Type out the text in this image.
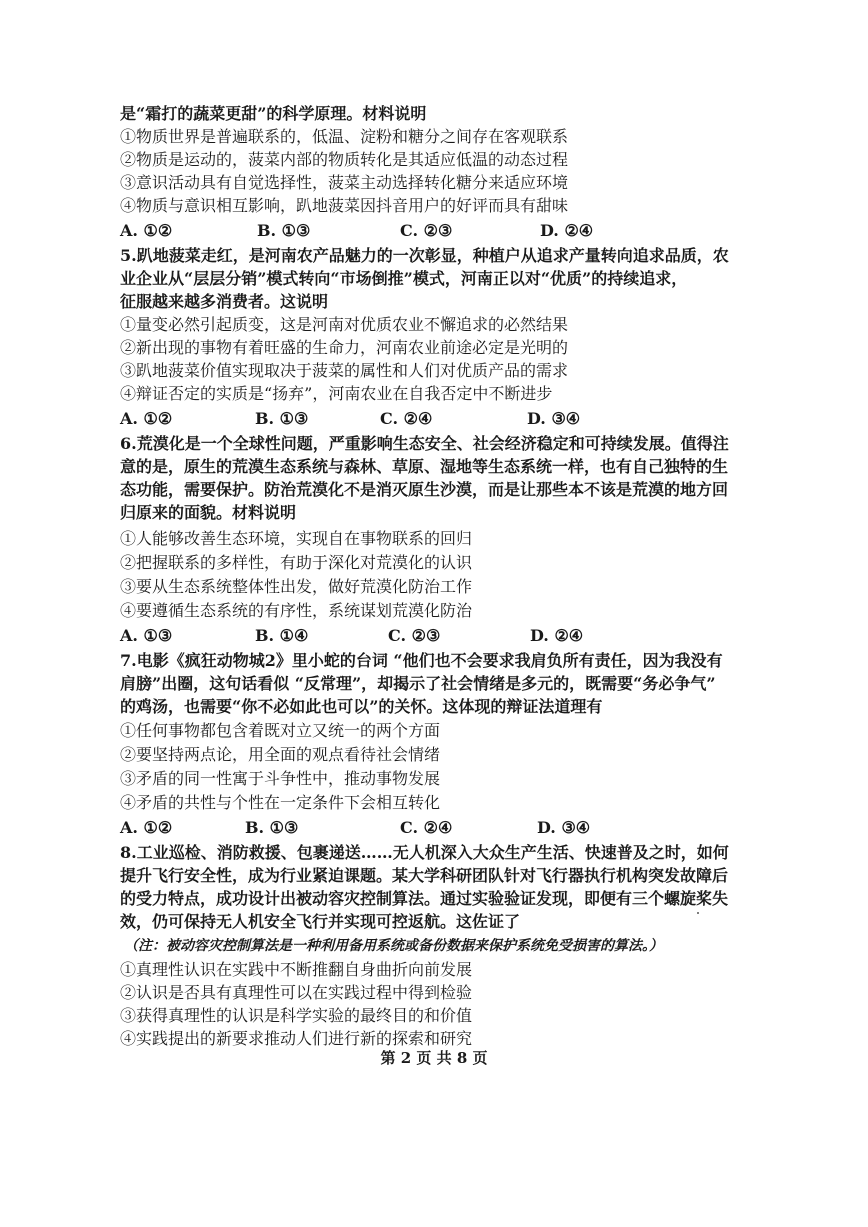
是“霜打的蔬菜更甜”的科学原理。材料说明
①物质世界是普遍联系的，低温、淀粉和糖分之间存在客观联系
②物质是运动的，菠菜内部的物质转化是其适应低温的动态过程
③意识活动具有自觉选择性，菠菜主动选择转化糖分来适应环境
④物质与意识相互影响，趴地菠菜因抖音用户的好评而具有甜味
A. ①②	B. ①③	C. ②③	D. ②④
5.趴地菠菜走红，是河南农产品魅力的一次彰显，种植户从追求产量转向追求品质，农
业企业从“层层分销”模式转向“市场倒推”模式，河南正以对“优质”的持续追求，
征服越来越多消费者。这说明
①量变必然引起质变，这是河南对优质农业不懈追求的必然结果
②新出现的事物有着旺盛的生命力，河南农业前途必定是光明的
③趴地菠菜价值实现取决于菠菜的属性和人们对优质产品的需求
④辩证否定的实质是“扬弃”，河南农业在自我否定中不断进步
A. ①②	B. ①③	C. ②④	D. ③④
6.荒漠化是一个全球性问题，严重影响生态安全、社会经济稳定和可持续发展。值得注
意的是，原生的荒漠生态系统与森林、草原、湿地等生态系统一样，也有自己独特的生
态功能，需要保护。防治荒漠化不是消灭原生沙漠，而是让那些本不该是荒漠的地方回
归原来的面貌。材料说明
①人能够改善生态环境，实现自在事物联系的回归
②把握联系的多样性，有助于深化对荒漠化的认识
③要从生态系统整体性出发，做好荒漠化防治工作
④要遵循生态系统的有序性，系统谋划荒漠化防治
A. ①③	B. ①④	C. ②③	D. ②④
7.电影《疯狂动物城2》里小蛇的台词 “他们也不会要求我肩负所有责任，因为我没有
肩膀”出圈，这句话看似 “反常理”，却揭示了社会情绪是多元的，既需要“务必争气”
的鸡汤，也需要“你不必如此也可以”的关怀。这体现的辩证法道理有
①任何事物都包含着既对立又统一的两个方面
②要坚持两点论，用全面的观点看待社会情绪
③矛盾的同一性寓于斗争性中，推动事物发展
④矛盾的共性与个性在一定条件下会相互转化
A. ①②	B. ①③	C. ②④	D. ③④
8.工业巡检、消防救援、包裹递送……无人机深入大众生产生活、快速普及之时，如何
提升飞行安全性，成为行业紧迫课题。某大学科研团队针对飞行器执行机构突发故障后
的受力特点，成功设计出被动容灾控制算法。通过实验验证发现，即便有三个螺旋桨失
效，仍可保持无人机安全飞行并实现可控返航。这佐证了
（注：被动容灾控制算法是一种利用备用系统或备份数据来保护系统免受损害的算法。）
①真理性认识在实践中不断推翻自身曲折向前发展
②认识是否具有真理性可以在实践过程中得到检验
③获得真理性的认识是科学实验的最终目的和价值
④实践提出的新要求推动人们进行新的探索和研究
第 2 页 共 8 页
